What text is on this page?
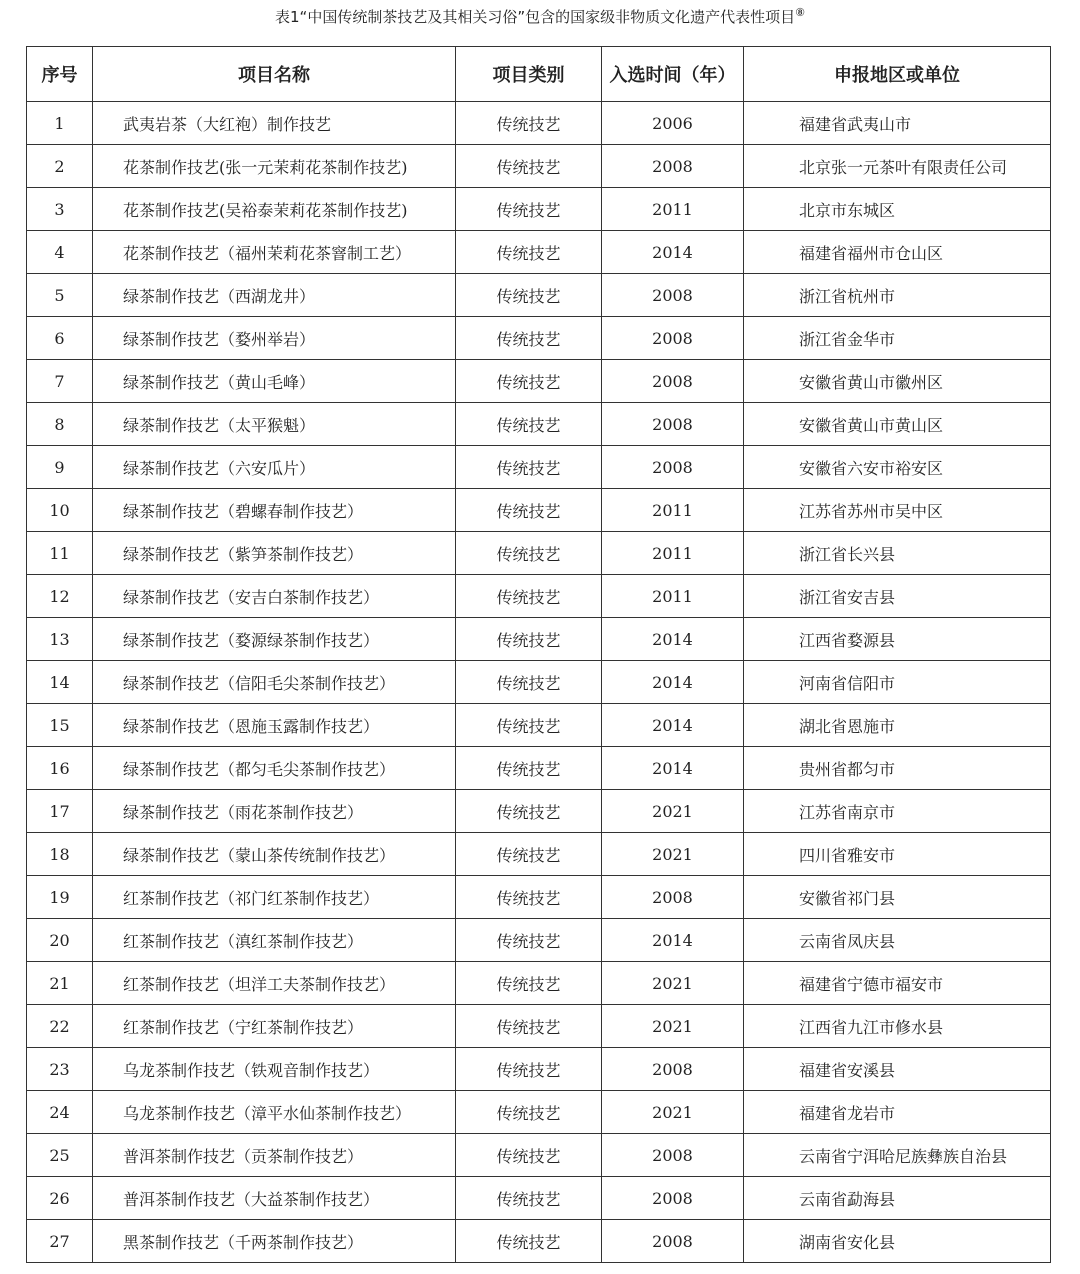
表1“中国传统制茶技艺及其相关习俗”包含的国家级非物质文化遗产代表性项目⑧
序号	项目名称	项目类别	入选时间（年）	申报地区或单位
1	武夷岩茶（大红袍）制作技艺	传统技艺	2006	福建省武夷山市
2	花茶制作技艺(张一元茉莉花茶制作技艺)	传统技艺	2008	北京张一元茶叶有限责任公司
3	花茶制作技艺(吴裕泰茉莉花茶制作技艺)	传统技艺	2011	北京市东城区
4	花茶制作技艺（福州茉莉花茶窨制工艺）	传统技艺	2014	福建省福州市仓山区
5	绿茶制作技艺（西湖龙井）	传统技艺	2008	浙江省杭州市
6	绿茶制作技艺（婺州举岩）	传统技艺	2008	浙江省金华市
7	绿茶制作技艺（黄山毛峰）	传统技艺	2008	安徽省黄山市徽州区
8	绿茶制作技艺（太平猴魁）	传统技艺	2008	安徽省黄山市黄山区
9	绿茶制作技艺（六安瓜片）	传统技艺	2008	安徽省六安市裕安区
10	绿茶制作技艺（碧螺春制作技艺）	传统技艺	2011	江苏省苏州市吴中区
11	绿茶制作技艺（紫笋茶制作技艺）	传统技艺	2011	浙江省长兴县
12	绿茶制作技艺（安吉白茶制作技艺）	传统技艺	2011	浙江省安吉县
13	绿茶制作技艺（婺源绿茶制作技艺）	传统技艺	2014	江西省婺源县
14	绿茶制作技艺（信阳毛尖茶制作技艺）	传统技艺	2014	河南省信阳市
15	绿茶制作技艺（恩施玉露制作技艺）	传统技艺	2014	湖北省恩施市
16	绿茶制作技艺（都匀毛尖茶制作技艺）	传统技艺	2014	贵州省都匀市
17	绿茶制作技艺（雨花茶制作技艺）	传统技艺	2021	江苏省南京市
18	绿茶制作技艺（蒙山茶传统制作技艺）	传统技艺	2021	四川省雅安市
19	红茶制作技艺（祁门红茶制作技艺）	传统技艺	2008	安徽省祁门县
20	红茶制作技艺（滇红茶制作技艺）	传统技艺	2014	云南省凤庆县
21	红茶制作技艺（坦洋工夫茶制作技艺）	传统技艺	2021	福建省宁德市福安市
22	红茶制作技艺（宁红茶制作技艺）	传统技艺	2021	江西省九江市修水县
23	乌龙茶制作技艺（铁观音制作技艺）	传统技艺	2008	福建省安溪县
24	乌龙茶制作技艺（漳平水仙茶制作技艺）	传统技艺	2021	福建省龙岩市
25	普洱茶制作技艺（贡茶制作技艺）	传统技艺	2008	云南省宁洱哈尼族彝族自治县
26	普洱茶制作技艺（大益茶制作技艺）	传统技艺	2008	云南省勐海县
27	黑茶制作技艺（千两茶制作技艺）	传统技艺	2008	湖南省安化县
